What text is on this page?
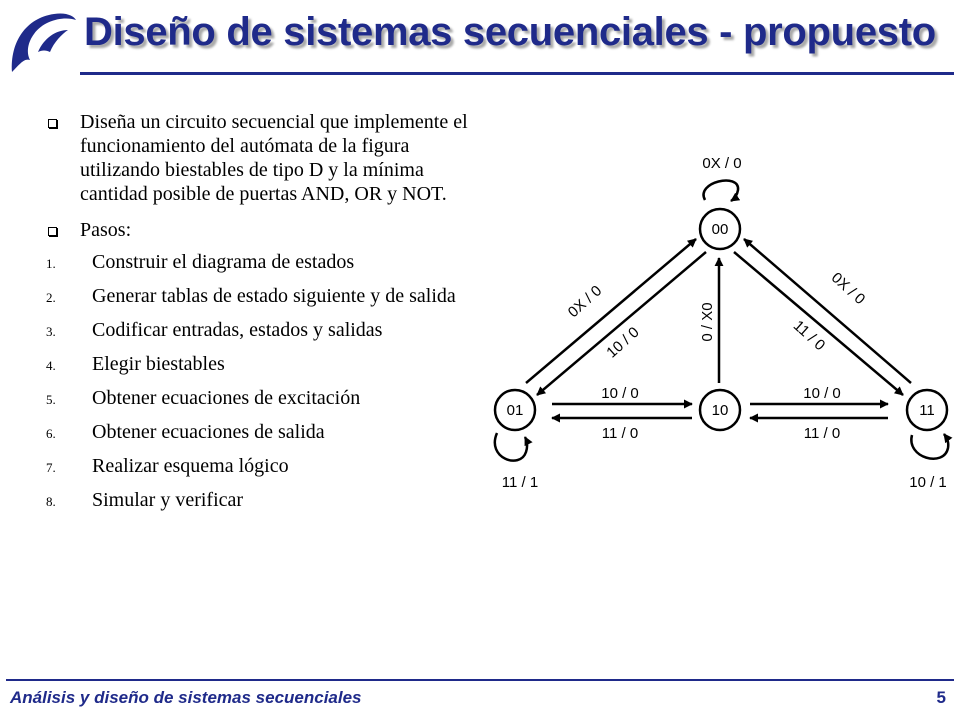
Diseño de sistemas secuenciales - propuesto
Diseña un circuito secuencial que implemente el funcionamiento del autómata de la figura utilizando biestables de tipo D y la mínima cantidad posible de puertas AND, OR y NOT.
Pasos:
1. Construir el diagrama de estados
2. Generar tablas de estado siguiente y de salida
3. Codificar entradas, estados y salidas
4. Elegir biestables
5. Obtener ecuaciones de excitación
6. Obtener ecuaciones de salida
7. Realizar esquema lógico
8. Simular y verificar
00
01	10	11
0X / 0
11 / 1	10 / 1
0X / 0
10 / 0
0 / X0
0X / 0
11 / 0
10 / 0
11 / 0
10 / 0
11 / 0
Análisis y diseño de sistemas secuenciales	5
